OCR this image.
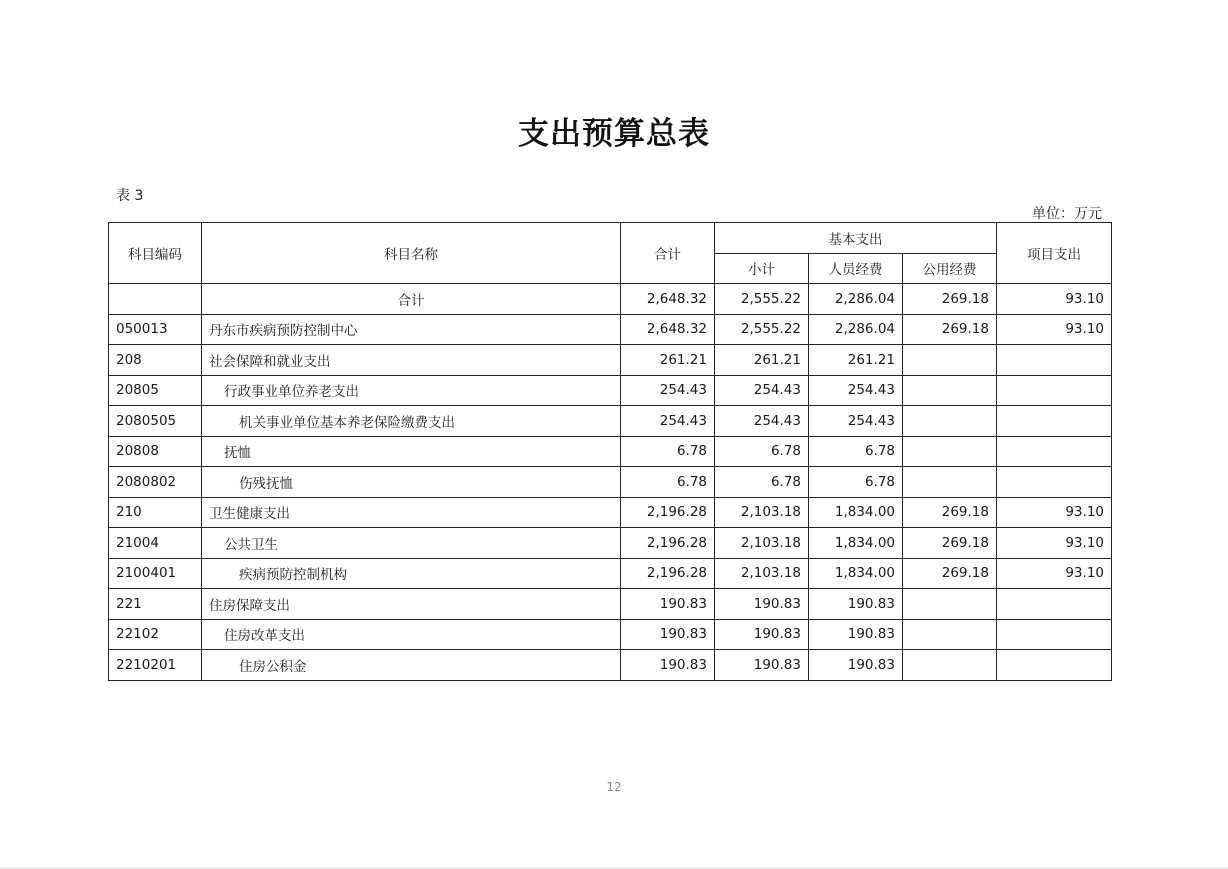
支出预算总表
表 3
单位：万元
科目编码	科目名称	合计	基本支出			项目支出
			小计	人员经费	公用经费	
	合计	2,648.32	2,555.22	2,286.04	269.18	93.10
050013	丹东市疾病预防控制中心	2,648.32	2,555.22	2,286.04	269.18	93.10
208	社会保障和就业支出	261.21	261.21	261.21		
20805	行政事业单位养老支出	254.43	254.43	254.43		
2080505	机关事业单位基本养老保险缴费支出	254.43	254.43	254.43		
20808	抚恤	6.78	6.78	6.78		
2080802	伤残抚恤	6.78	6.78	6.78		
210	卫生健康支出	2,196.28	2,103.18	1,834.00	269.18	93.10
21004	公共卫生	2,196.28	2,103.18	1,834.00	269.18	93.10
2100401	疾病预防控制机构	2,196.28	2,103.18	1,834.00	269.18	93.10
221	住房保障支出	190.83	190.83	190.83		
22102	住房改革支出	190.83	190.83	190.83		
2210201	住房公积金	190.83	190.83	190.83		
12
